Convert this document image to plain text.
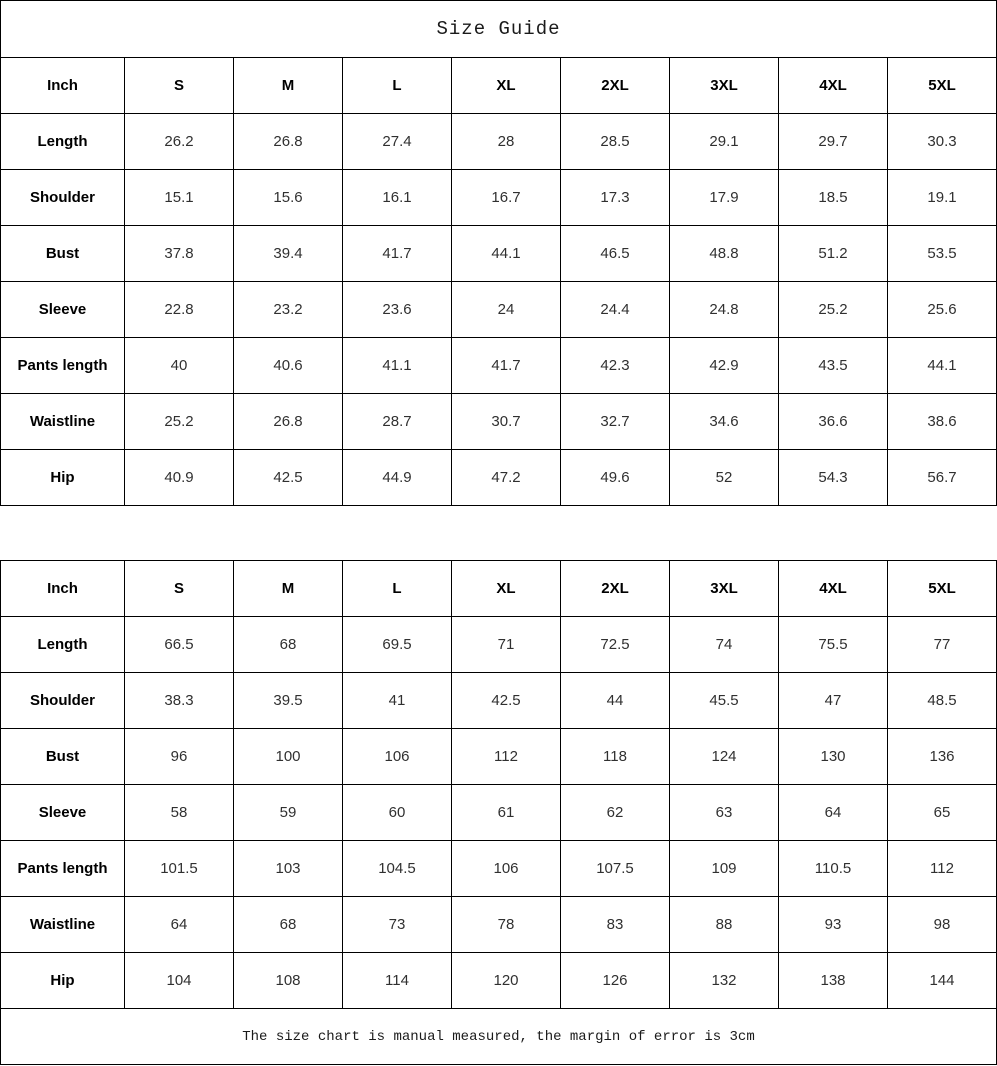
Size Guide
Inch	S	M	L	XL	2XL	3XL	4XL	5XL
Length	26.2	26.8	27.4	28	28.5	29.1	29.7	30.3
Shoulder	15.1	15.6	16.1	16.7	17.3	17.9	18.5	19.1
Bust	37.8	39.4	41.7	44.1	46.5	48.8	51.2	53.5
Sleeve	22.8	23.2	23.6	24	24.4	24.8	25.2	25.6
Pants length	40	40.6	41.1	41.7	42.3	42.9	43.5	44.1
Waistline	25.2	26.8	28.7	30.7	32.7	34.6	36.6	38.6
Hip	40.9	42.5	44.9	47.2	49.6	52	54.3	56.7
Inch	S	M	L	XL	2XL	3XL	4XL	5XL
Length	66.5	68	69.5	71	72.5	74	75.5	77
Shoulder	38.3	39.5	41	42.5	44	45.5	47	48.5
Bust	96	100	106	112	118	124	130	136
Sleeve	58	59	60	61	62	63	64	65
Pants length	101.5	103	104.5	106	107.5	109	110.5	112
Waistline	64	68	73	78	83	88	93	98
Hip	104	108	114	120	126	132	138	144
The size chart is manual measured, the margin of error is 3cm
